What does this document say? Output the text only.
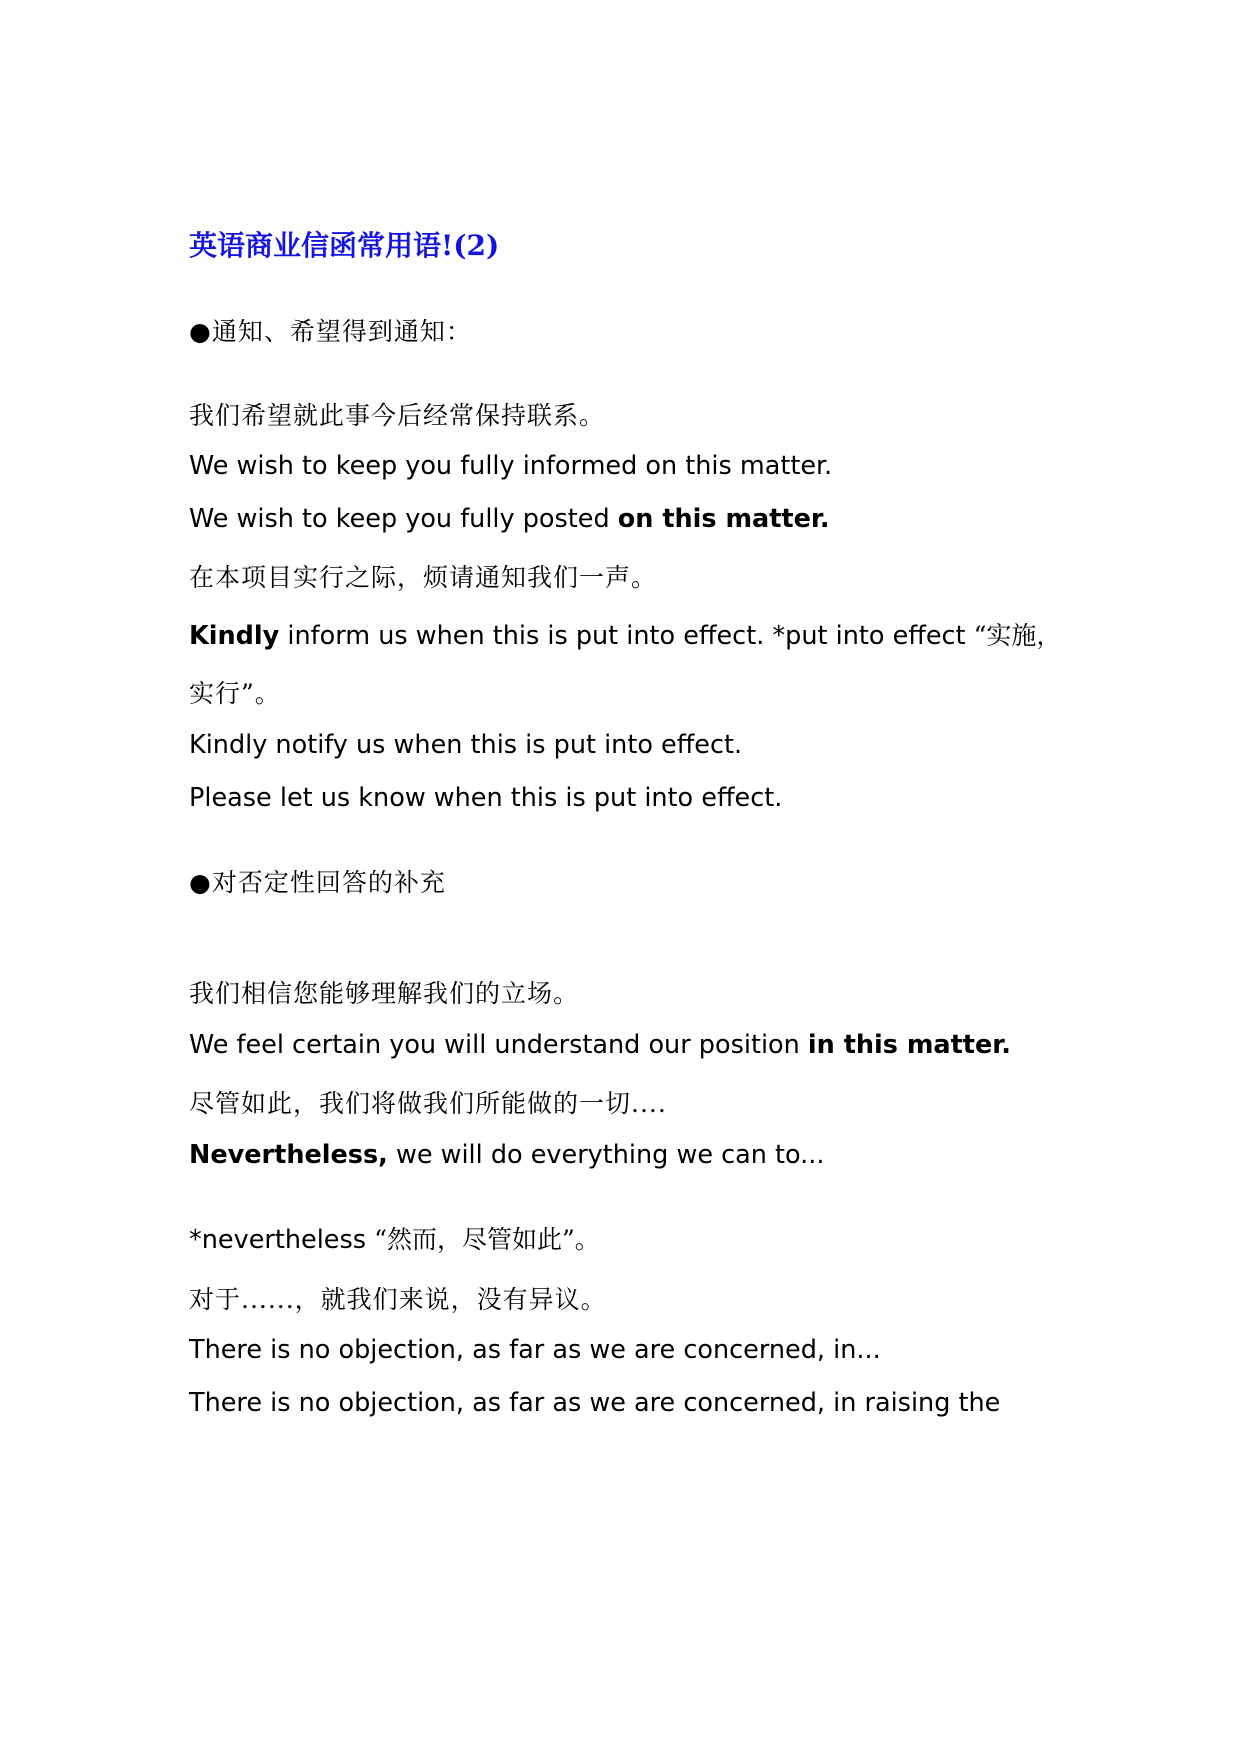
英语商业信函常用语!(2)
●通知、希望得到通知：
我们希望就此事今后经常保持联系。
We wish to keep you fully informed on this matter.
We wish to keep you fully posted on this matter.
在本项目实行之际，烦请通知我们一声。
Kindly inform us when this is put into effect. *put into effect “实施，
实行”。
Kindly notify us when this is put into effect.
Please let us know when this is put into effect.
●对否定性回答的补充
我们相信您能够理解我们的立场。
We feel certain you will understand our position in this matter.
尽管如此，我们将做我们所能做的一切....
Nevertheless, we will do everything we can to...
*nevertheless “然而，尽管如此”。
对于......，就我们来说，没有异议。
There is no objection, as far as we are concerned, in...
There is no objection, as far as we are concerned, in raising the
